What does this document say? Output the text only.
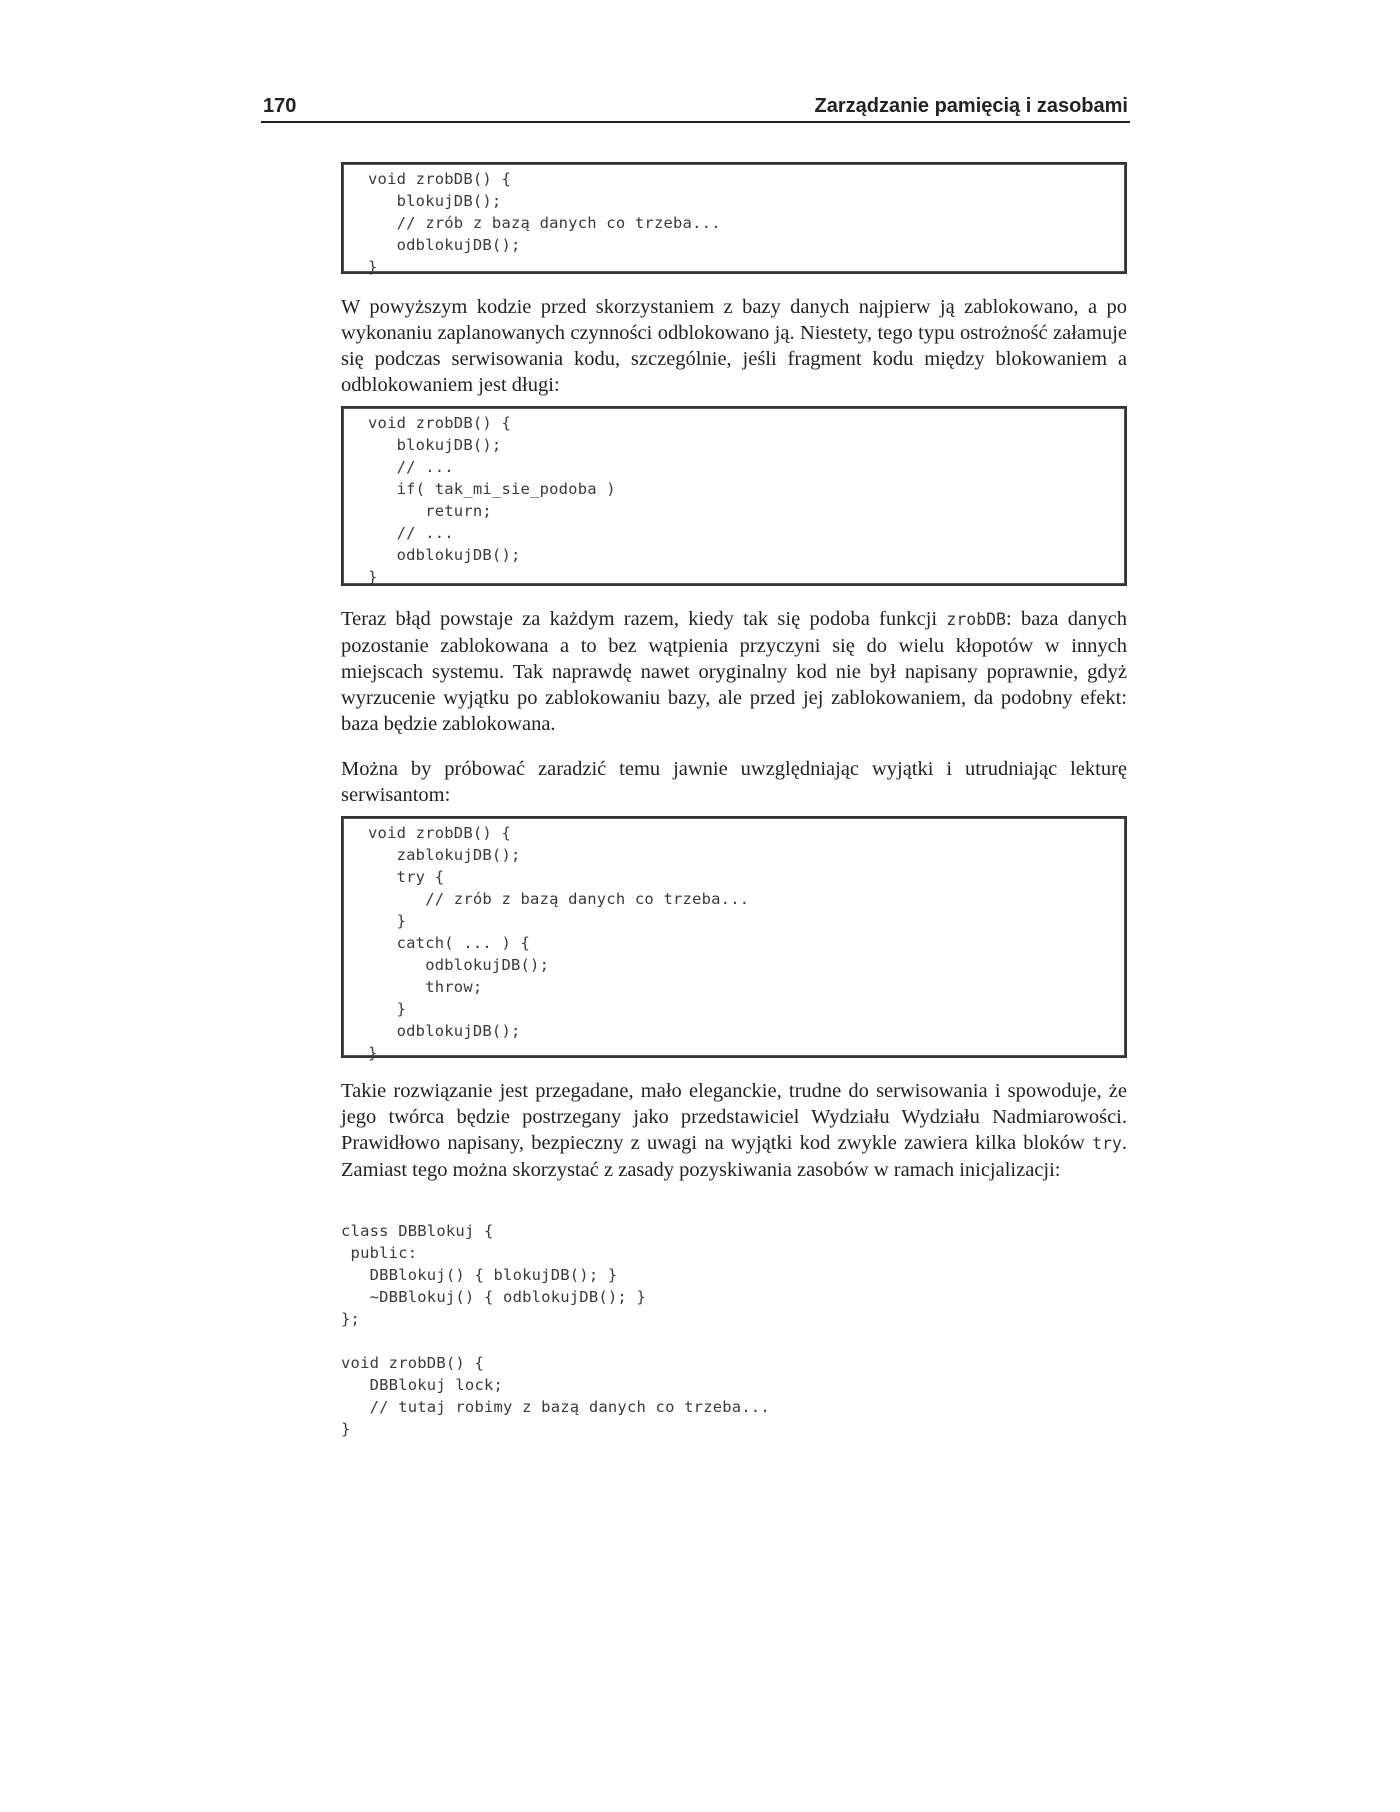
170	Zarządzanie pamięcią i zasobami
void zrobDB() {
blokujDB();
// zrób z bazą danych co trzeba...
odblokujDB();
}

W powyższym kodzie przed skorzystaniem z bazy danych najpierw ją zablokowano, a po wykonaniu zaplanowanych czynności odblokowano ją. Niestety, tego typu ostrożność załamuje się podczas serwisowania kodu, szczególnie, jeśli fragment kodu między blokowaniem a odblokowaniem jest długi:

void zrobDB() {
blokujDB();
// ...
if( tak_mi_sie_podoba )
return;
// ...
odblokujDB();
}

Teraz błąd powstaje za każdym razem, kiedy tak się podoba funkcji zrobDB: baza danych pozostanie zablokowana a to bez wątpienia przyczyni się do wielu kłopotów w innych miejscach systemu. Tak naprawdę nawet oryginalny kod nie był napisany poprawnie, gdyż wyrzucenie wyjątku po zablokowaniu bazy, ale przed jej zablokowaniem, da podobny efekt: baza będzie zablokowana.

Można by próbować zaradzić temu jawnie uwzględniając wyjątki i utrudniając lekturę serwisantom:

void zrobDB() {
zablokujDB();
try {
// zrób z bazą danych co trzeba...
}
catch( ... ) {
odblokujDB();
throw;
}
odblokujDB();
}

Takie rozwiązanie jest przegadane, mało eleganckie, trudne do serwisowania i spowoduje, że jego twórca będzie postrzegany jako przedstawiciel Wydziału Wydziału Nadmiarowości. Prawidłowo napisany, bezpieczny z uwagi na wyjątki kod zwykle zawiera kilka bloków try. Zamiast tego można skorzystać z zasady pozyskiwania zasobów w ramach inicjalizacji:

class DBBlokuj {
public:
DBBlokuj() { blokujDB(); }
~DBBlokuj() { odblokujDB(); }
};
void zrobDB() {
DBBlokuj lock;
// tutaj robimy z bazą danych co trzeba...
}
